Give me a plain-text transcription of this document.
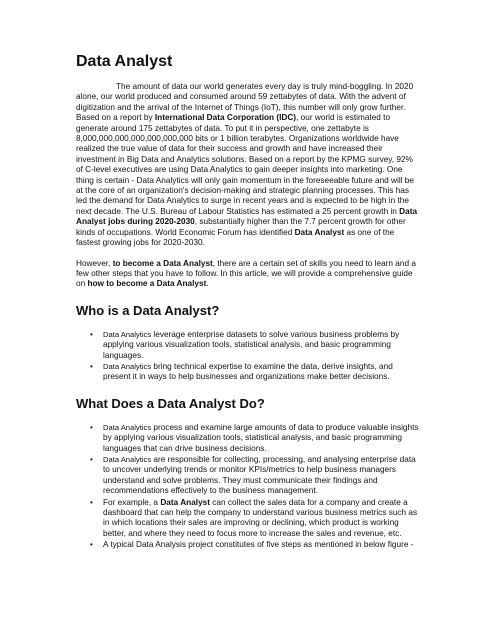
Data Analyst

The amount of data our world generates every day is truly mind-boggling. In 2020 alone, our world produced and consumed around 59 zettabytes of data. With the advent of digitization and the arrival of the Internet of Things (IoT), this number will only grow further. Based on a report by International Data Corporation (IDC), our world is estimated to generate around 175 zettabytes of data. To put it in perspective, one zettabyte is 8,000,000,000,000,000,000,000 bits or 1 billion terabytes. Organizations worldwide have realized the true value of data for their success and growth and have increased their investment in Big Data and Analytics solutions. Based on a report by the KPMG survey, 92% of C-level executives are using Data Analytics to gain deeper insights into marketing. One thing is certain - Data Analytics will only gain momentum in the foreseeable future and will be at the core of an organization's decision-making and strategic planning processes. This has led the demand for Data Analytics to surge in recent years and is expected to be high in the next decade. The U.S. Bureau of Labour Statistics has estimated a 25 percent growth in Data Analyst jobs during 2020-2030, substantially higher than the 7.7 percent growth for other kinds of occupations. World Economic Forum has identified Data Analyst as one of the fastest growing jobs for 2020-2030.

However, to become a Data Analyst, there are a certain set of skills you need to learn and a few other steps that you have to follow. In this article, we will provide a comprehensive guide on how to become a Data Analyst.

Who is a Data Analyst?
• Data Analytics leverage enterprise datasets to solve various business problems by applying various visualization tools, statistical analysis, and basic programming languages.
• Data Analytics bring technical expertise to examine the data, derive insights, and present it in ways to help businesses and organizations make better decisions.
What Does a Data Analyst Do?
• Data Analytics process and examine large amounts of data to produce valuable insights by applying various visualization tools, statistical analysis, and basic programming languages that can drive business decisions.
• Data Analytics are responsible for collecting, processing, and analysing enterprise data to uncover underlying trends or monitor KPIs/metrics to help business managers understand and solve problems. They must communicate their findings and recommendations effectively to the business management.
• For example, a Data Analyst can collect the sales data for a company and create a dashboard that can help the company to understand various business metrics such as in which locations their sales are improving or declining, which product is working better, and where they need to focus more to increase the sales and revenue, etc.
• A typical Data Analysis project constitutes of five steps as mentioned in below figure -
